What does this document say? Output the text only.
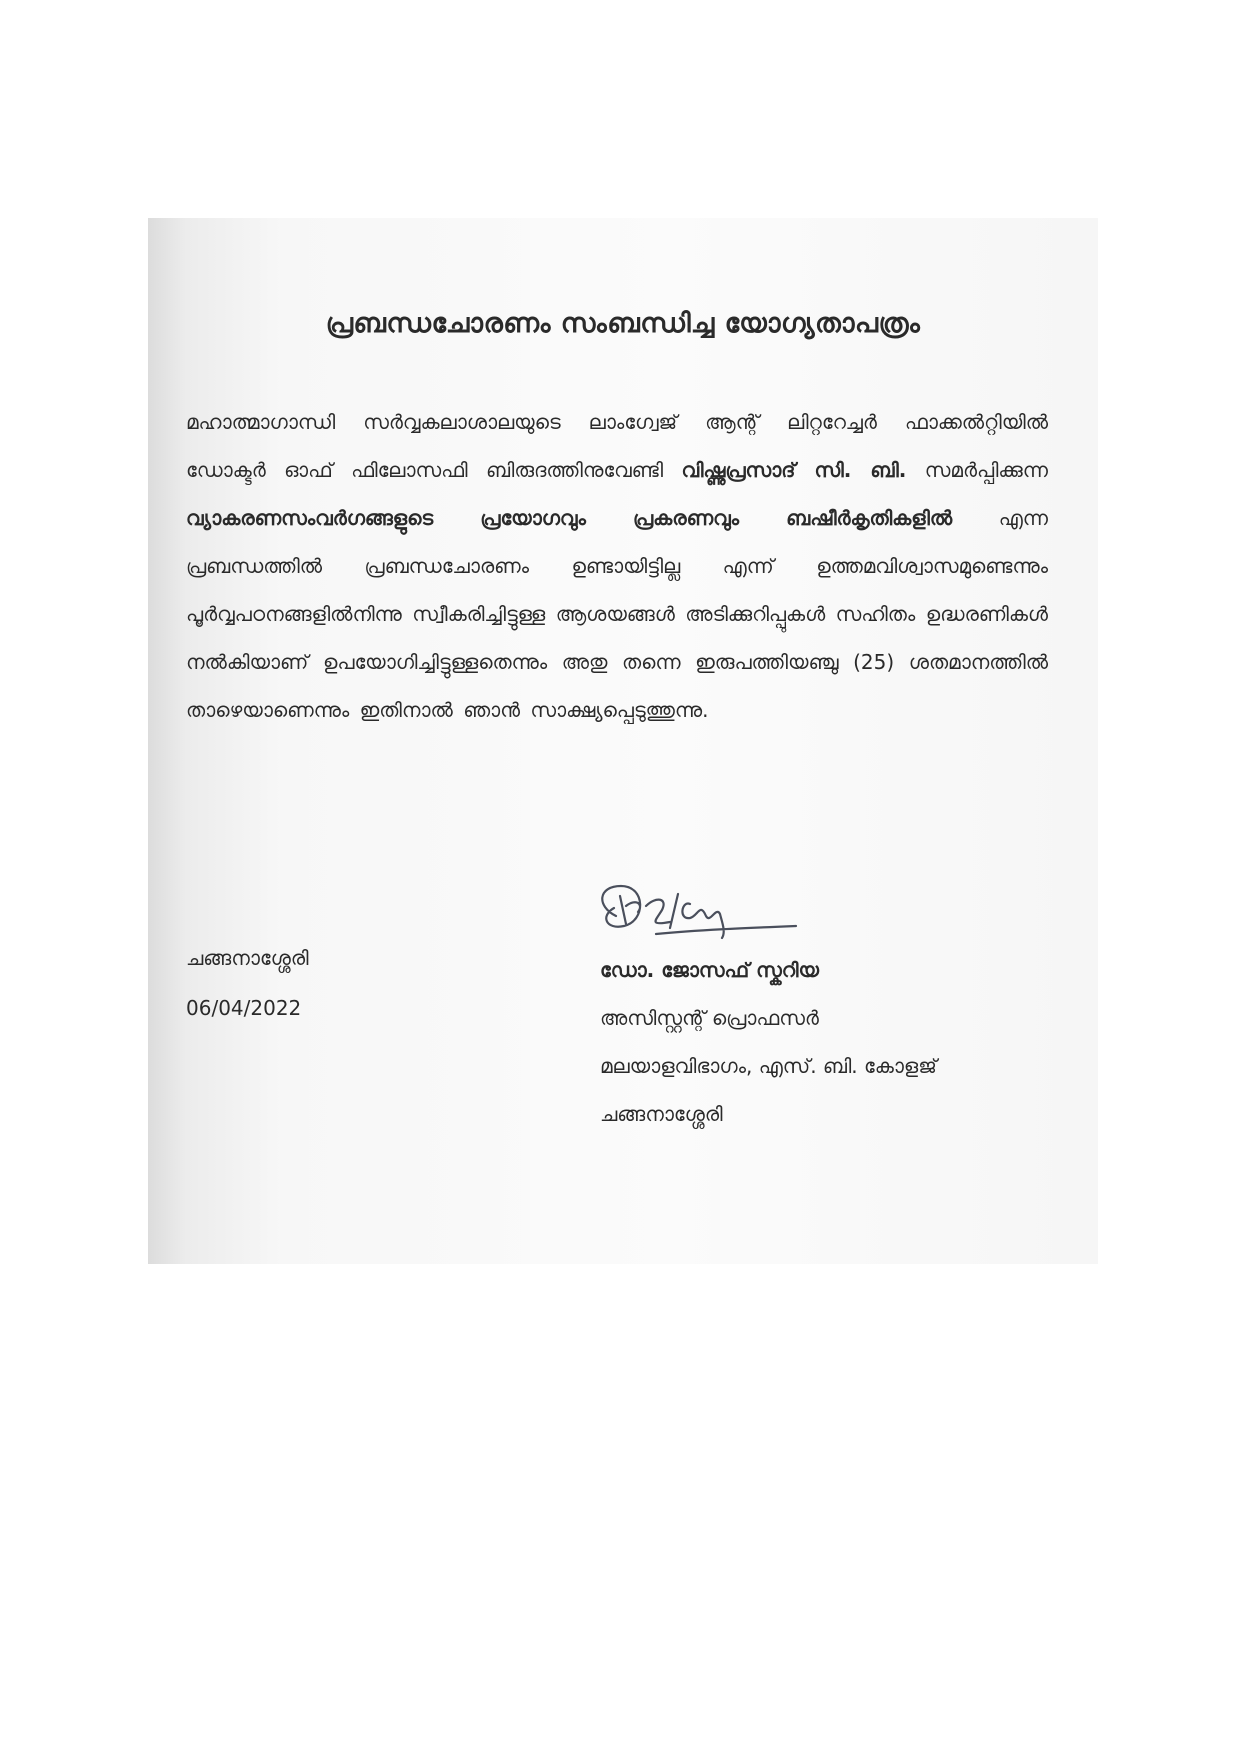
പ്രബന്ധചോരണം സംബന്ധിച്ച യോഗ്യതാപത്രം

മഹാത്മാഗാന്ധി സർവ്വകലാശാലയുടെ ലാംഗ്വേജ് ആന്റ് ലിറ്ററേച്ചർ ഫാക്കൽറ്റിയിൽ ഡോക്ടർ ഓഫ് ഫിലോസഫി ബിരുദത്തിനുവേണ്ടി വിഷ്ണുപ്രസാദ് സി. ബി. സമർപ്പിക്കുന്ന വ്യാകരണസംവർഗങ്ങളുടെ പ്രയോഗവും പ്രകരണവും ബഷീർകൃതികളിൽ എന്ന പ്രബന്ധത്തിൽ പ്രബന്ധചോരണം ഉണ്ടായിട്ടില്ല എന്ന് ഉത്തമവിശ്വാസമുണ്ടെന്നും പൂർവ്വപഠനങ്ങളിൽനിന്നു സ്വീകരിച്ചിട്ടുള്ള ആശയങ്ങൾ അടിക്കുറിപ്പുകൾ സഹിതം ഉദ്ധരണികൾ നൽകിയാണ് ഉപയോഗിച്ചിട്ടുള്ളതെന്നും അതു തന്നെ ഇരുപത്തിയഞ്ചു (25) ശതമാനത്തിൽ താഴെയാണെന്നും ഇതിനാൽ ഞാൻ സാക്ഷ്യപ്പെടുത്തുന്നു.

ചങ്ങനാശ്ശേരി

06/04/2022

ഡോ. ജോസഫ് സ്കറിയ
അസിസ്റ്റന്റ് പ്രൊഫസർ
മലയാളവിഭാഗം, എസ്. ബി. കോളജ്
ചങ്ങനാശ്ശേരി
